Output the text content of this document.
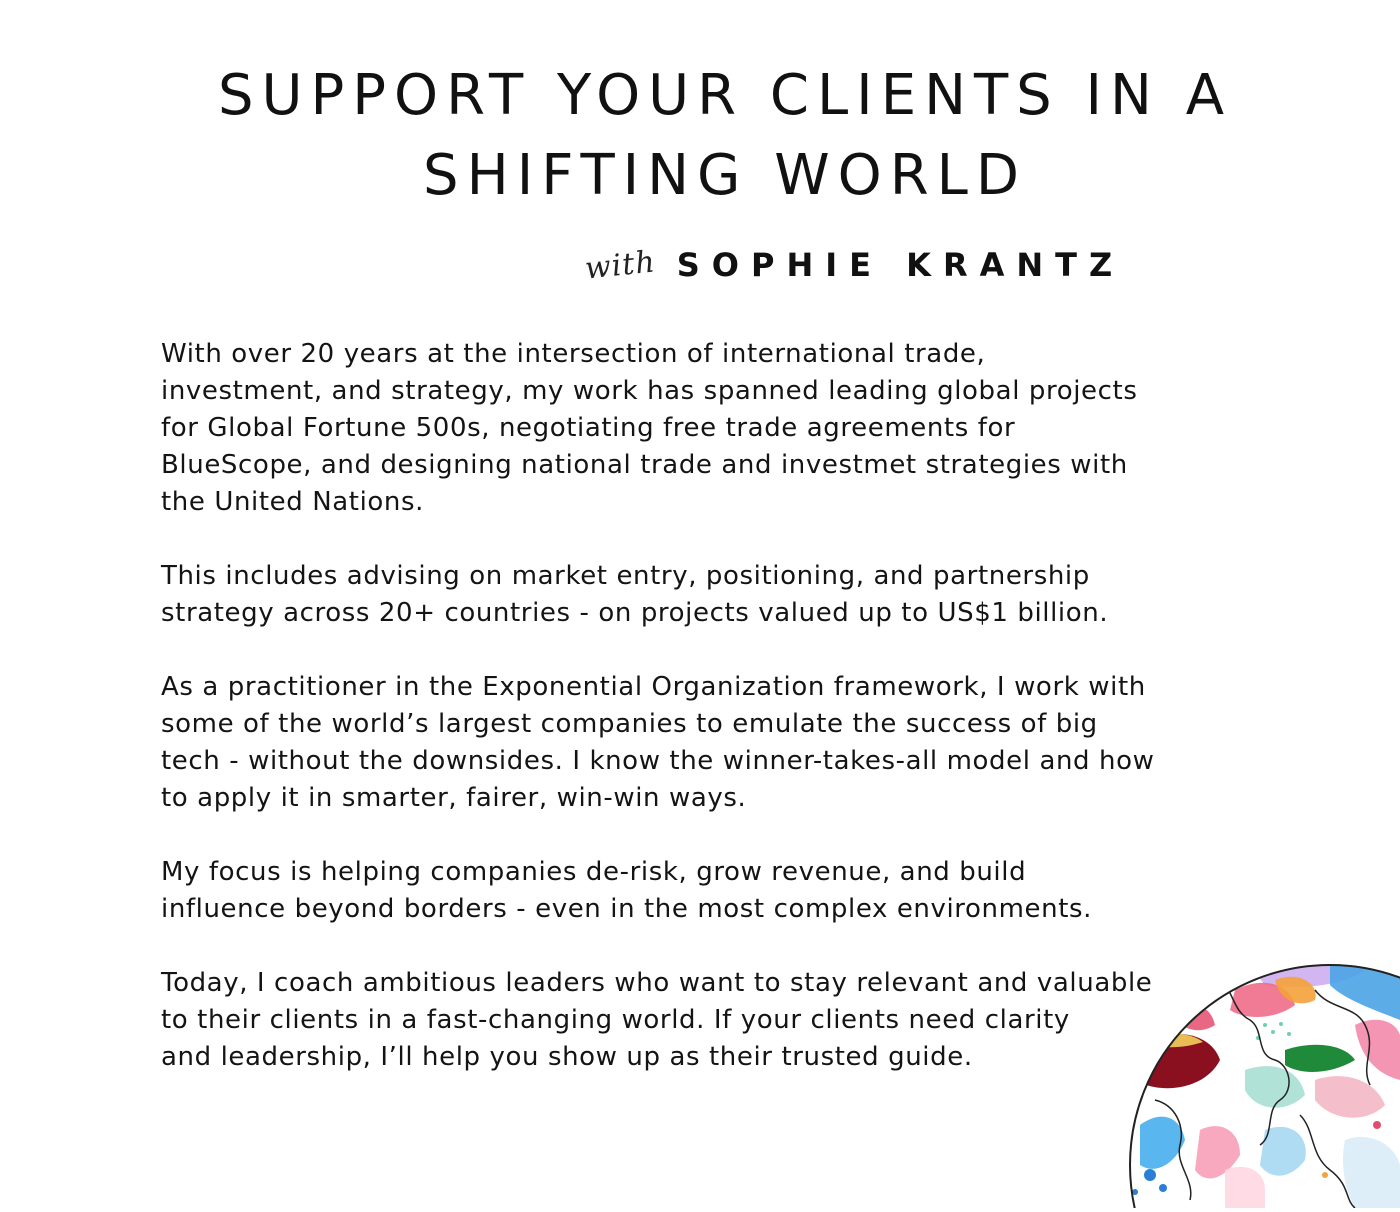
SUPPORT YOUR CLIENTS IN A
SHIFTING WORLD
with SOPHIE KRANTZ

With over 20 years at the intersection of international trade,
investment, and strategy, my work has spanned leading global projects
for Global Fortune 500s, negotiating free trade agreements for
BlueScope, and designing national trade and investmet strategies with
the United Nations.

This includes advising on market entry, positioning, and partnership
strategy across 20+ countries - on projects valued up to US$1 billion.

As a practitioner in the Exponential Organization framework, I work with
some of the world’s largest companies to emulate the success of big
tech - without the downsides. I know the winner-takes-all model and how
to apply it in smarter, fairer, win-win ways.

My focus is helping companies de-risk, grow revenue, and build
influence beyond borders - even in the most complex environments.

Today, I coach ambitious leaders who want to stay relevant and valuable
to their clients in a fast-changing world. If your clients need clarity
and leadership, I’ll help you show up as their trusted guide.
